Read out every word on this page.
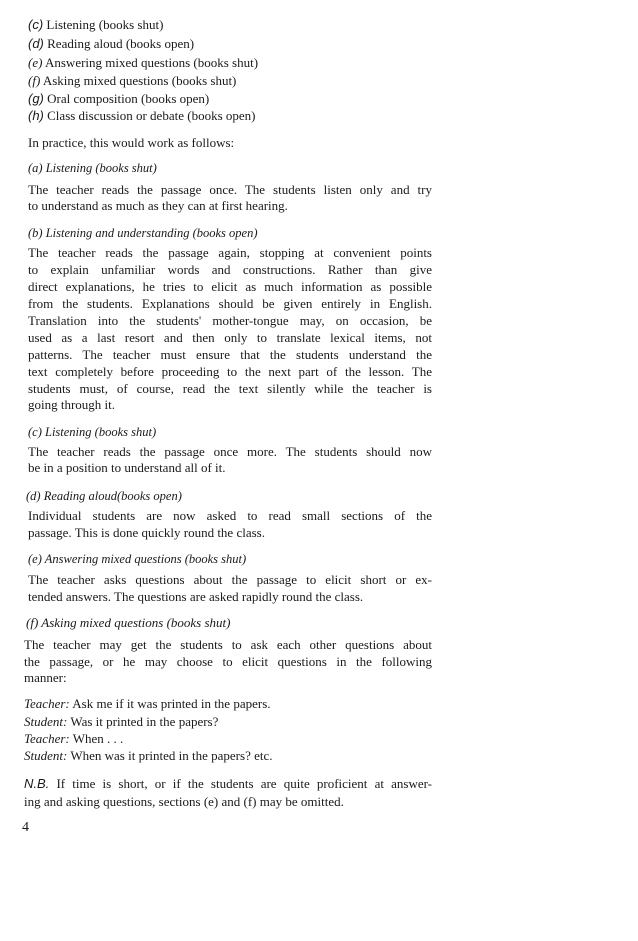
(c) Listening (books shut)
(d) Reading aloud (books open)
(e) Answering mixed questions (books shut)
(f) Asking mixed questions (books shut)
(g) Oral composition (books open)
(h) Class discussion or debate (books open)
In practice, this would work as follows:
(a) Listening (books shut)
The teacher reads the passage once. The students listen only and try
to understand as much as they can at first hearing.
(b) Listening and understanding (books open)
The teacher reads the passage again, stopping at convenient points
to explain unfamiliar words and constructions. Rather than give
direct explanations, he tries to elicit as much information as possible
from the students. Explanations should be given entirely in English.
Translation into the students' mother-tongue may, on occasion, be
used as a last resort and then only to translate lexical items, not
patterns. The teacher must ensure that the students understand the
text completely before proceeding to the next part of the lesson. The
students must, of course, read the text silently while the teacher is
going through it.
(c) Listening (books shut)
The teacher reads the passage once more. The students should now
be in a position to understand all of it.
(d) Reading aloud(books open)
Individual students are now asked to read small sections of the
passage. This is done quickly round the class.
(e) Answering mixed questions (books shut)
The teacher asks questions about the passage to elicit short or ex-
tended answers. The questions are asked rapidly round the class.
(f) Asking mixed questions (books shut)
The teacher may get the students to ask each other questions about
the passage, or he may choose to elicit questions in the following
manner:
Teacher: Ask me if it was printed in the papers.
Student: Was it printed in the papers?
Teacher: When . . .
Student: When was it printed in the papers? etc.
N.B. If time is short, or if the students are quite proficient at answer-
ing and asking questions, sections (e) and (f) may be omitted.
4
